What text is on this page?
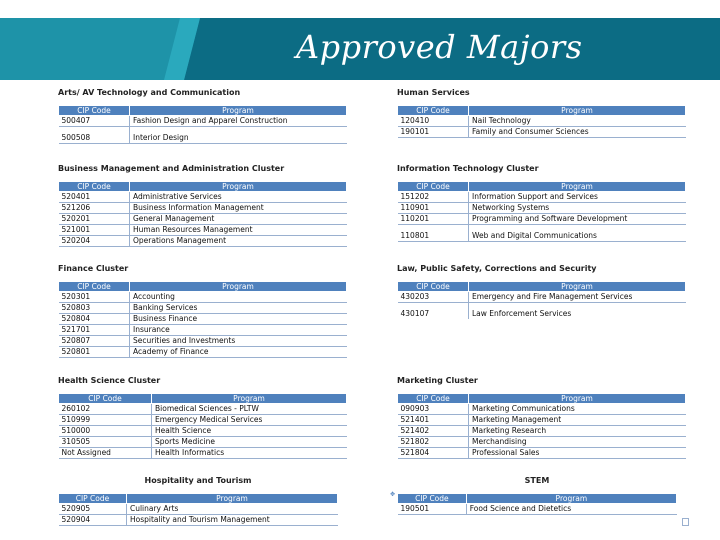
Approved Majors
Arts/ AV Technology and Communication
CIP Code	Program
500407	Fashion Design and Apparel Construction

500508	Interior Design
Human Services
CIP Code	Program
120410	Nail Technology
190101	Family and Consumer Sciences
Business Management and Administration Cluster
CIP Code	Program
520401	Administrative Services
521206	Business Information Management
520201	General Management
521001	Human Resources Management
520204	Operations Management
Information Technology Cluster
CIP Code	Program
151202	Information Support and Services
110901	Networking Systems
110201	Programming and Software Development

110801	Web and Digital Communications
Finance Cluster
CIP Code	Program
520301	Accounting
520803	Banking Services
520804	Business Finance
521701	Insurance
520807	Securities and Investments
520801	Academy of Finance
Law, Public Safety, Corrections and Security
CIP Code	Program
430203	Emergency and Fire Management Services

430107	Law Enforcement Services
Health Science Cluster
CIP Code	Program
260102	Biomedical Sciences - PLTW
510999	Emergency Medical Services
510000	Health Science
310505	Sports Medicine
Not Assigned	Health Informatics
Marketing Cluster
CIP Code	Program
090903	Marketing Communications
521401	Marketing Management
521402	Marketing Research
521802	Merchandising
521804	Professional Sales
Hospitality and Tourism
CIP Code	Program
520905	Culinary Arts
520904	Hospitality and Tourism Management
STEM
CIP Code	Program
190501	Food Science and Dietetics
✥
